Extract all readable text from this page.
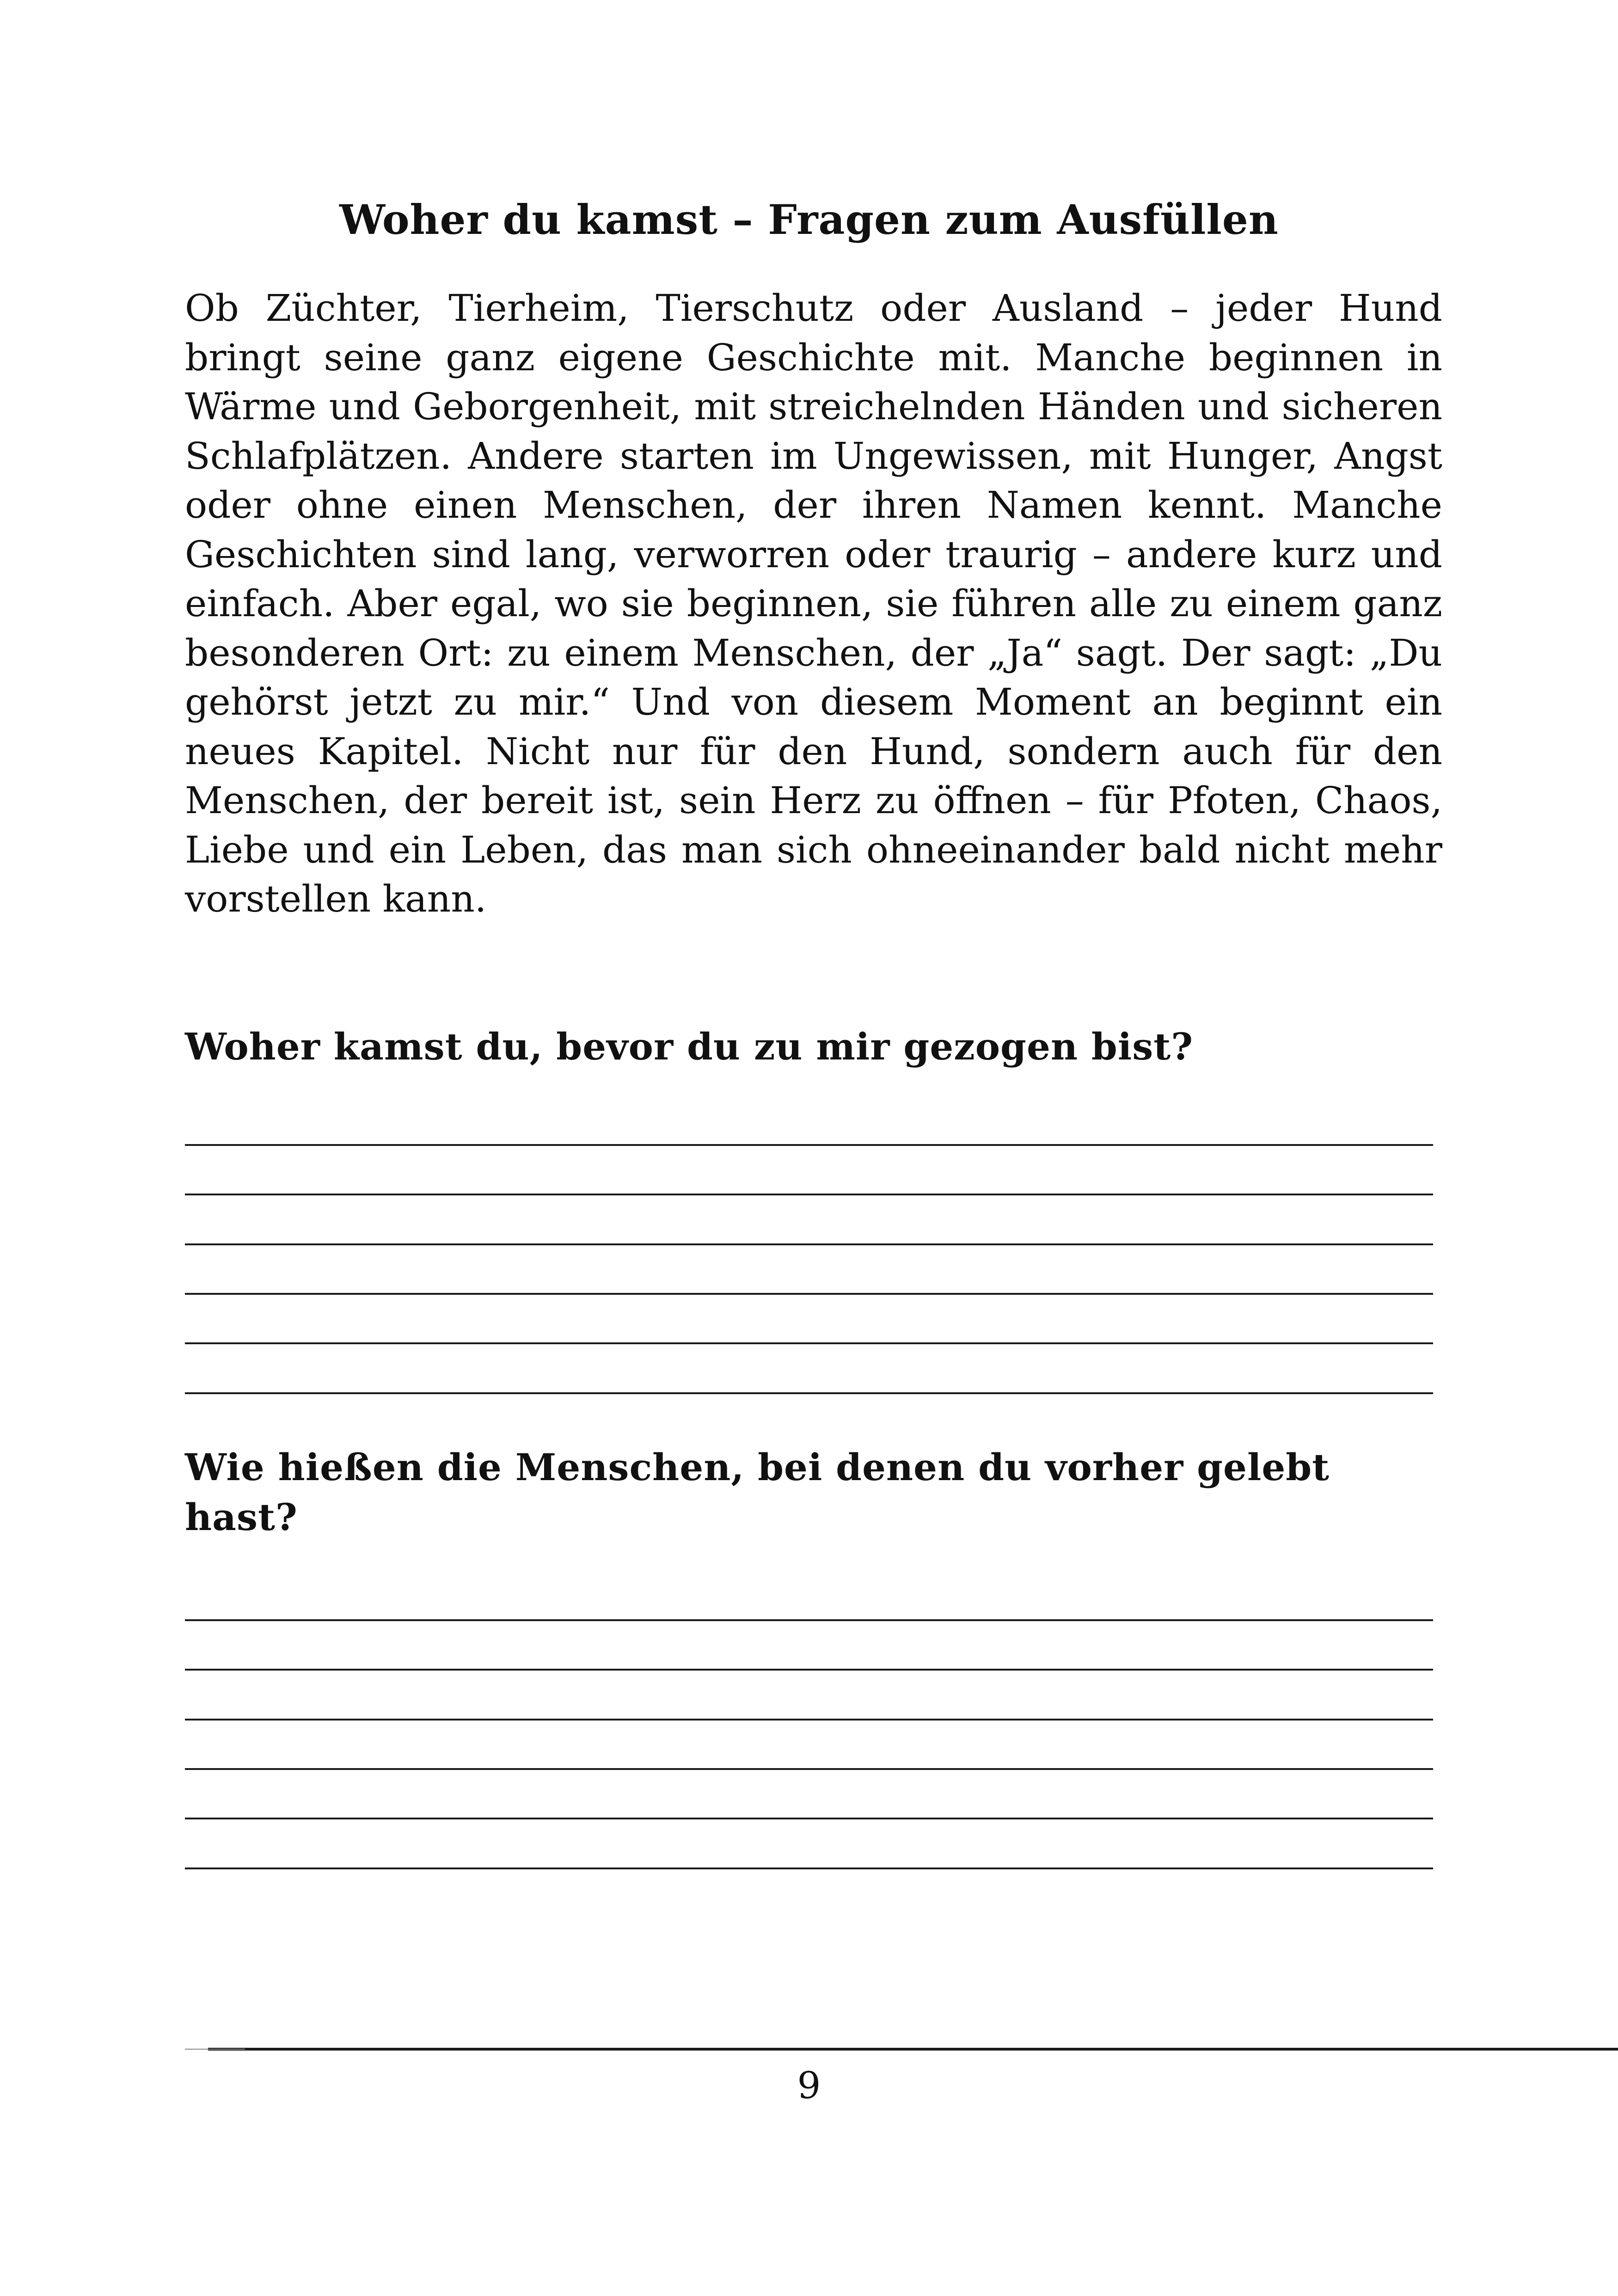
Woher du kamst – Fragen zum Ausfüllen

Ob Züchter, Tierheim, Tierschutz oder Ausland – jeder Hund bringt seine ganz eigene Geschichte mit. Manche beginnen in Wärme und Geborgenheit, mit streichelnden Händen und sicheren Schlafplätzen. Andere starten im Ungewissen, mit Hunger, Angst oder ohne einen Menschen, der ihren Namen kennt. Manche Geschichten sind lang, verworren oder traurig – andere kurz und einfach. Aber egal, wo sie beginnen, sie führen alle zu einem ganz besonderen Ort: zu einem Menschen, der „Ja“ sagt. Der sagt: „Du gehörst jetzt zu mir.“ Und von diesem Moment an beginnt ein neues Kapitel. Nicht nur für den Hund, sondern auch für den Menschen, der bereit ist, sein Herz zu öffnen – für Pfoten, Chaos, Liebe und ein Leben, das man sich ohneeinander bald nicht mehr vorstellen kann.

Woher kamst du, bevor du zu mir gezogen bist?

Wie hießen die Menschen, bei denen du vorher gelebt hast?

9
